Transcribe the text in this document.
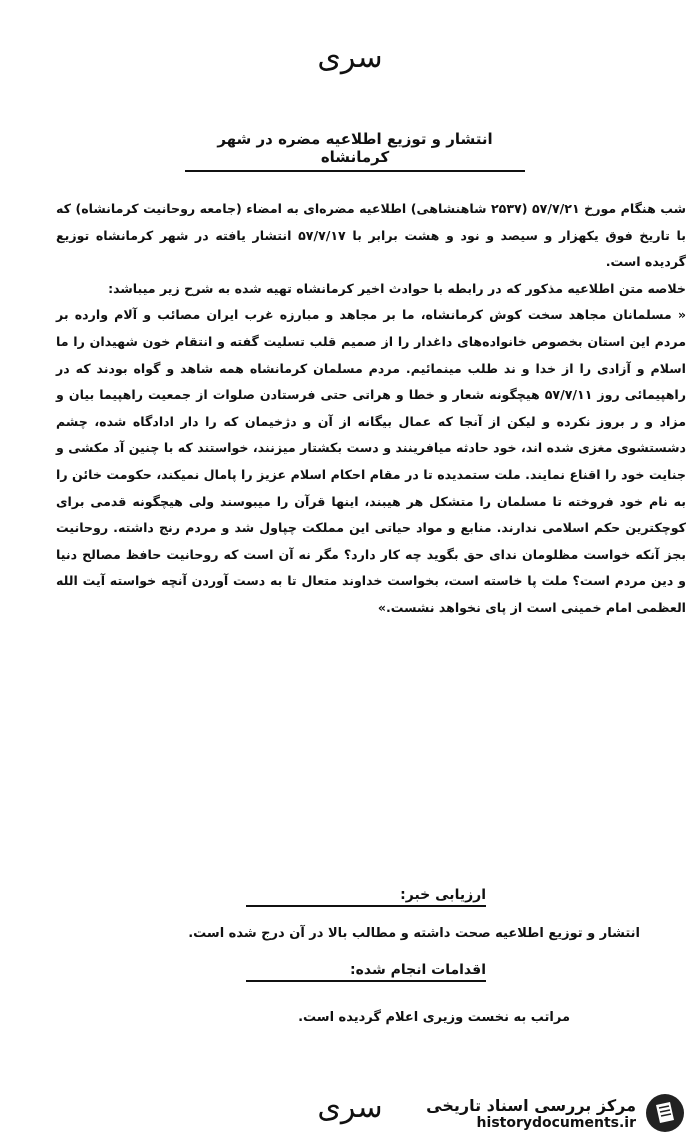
سری
انتشار و توزیع اطلاعیه مضره در شهر کرمانشاه

شب هنگام مورخ ۵۷/۷/۲۱ (۲۵۳۷ شاهنشاهی) اطلاعیه مضره‌ای به امضاء (جامعه روحانیت کرمانشاه) که با تاریخ فوق یکهزار و سیصد و نود و هشت برابر با ۵۷/۷/۱۷ انتشار یافته در شهر کرمانشاه توزیع گردیده است.

خلاصه متن اطلاعیه مذکور که در رابطه با حوادث اخیر کرمانشاه تهیه شده به شرح زیر میباشد:

« مسلمانان مجاهد سخت کوش کرمانشاه، ما بر مجاهد و مبارزه غرب ایران مصائب و آلام وارده بر مردم این استان بخصوص خانواده‌های داغدار را از صمیم قلب تسلیت گفته و انتقام خون شهیدان را ما اسلام و آزادی را از خدا و ند طلب مینمائیم. مردم مسلمان کرمانشاه همه شاهد و گواه بودند که در راهپیمائی روز ۵۷/۷/۱۱ هیچگونه شعار و خطا و هراتی حتی فرستادن صلوات از جمعیت راهپیما بیان و مزاد و ر بروز نکرده و لیکن از آنجا که عمال بیگانه از آن و دژخیمان که را دار ادادگاه شده، چشم دشستشوی مغزی شده اند، خود حادثه میافرینند و دست بکشتار میزنند، خواستند که با چنین آد مکشی و جنایت خود را اقناع نمایند. ملت ستمدیده تا در مقام احکام اسلام عزیز را پامال نمیکند، حکومت خائن را به نام خود فروخته تا مسلمان را متشکل هر هیبند، اینها قرآن را میبوسند ولی هیچگونه قدمی برای کوچکترین حکم اسلامی ندارند. منابع و مواد حیاتی این مملکت چپاول شد و مردم رنج داشته. روحانیت بجز آنکه خواست مظلومان ندای حق بگوید چه کار دارد؟ مگر نه آن است که روحانیت حافظ مصالح دنیا و دین مردم است؟ ملت پا خاسته است، بخواست خداوند متعال تا به دست آوردن آنچه خواسته آیت الله العظمی امام خمینی است از پای نخواهد نشست.»

ارزیابی خبر:
انتشار و توزیع اطلاعیه صحت داشته و مطالب بالا در آن درج شده است.
اقدامات انجام شده:
مراتب به نخست وزیری اعلام گردیده است.
سری	مرکز بررسی اسناد تاریخی
historydocuments.ir
